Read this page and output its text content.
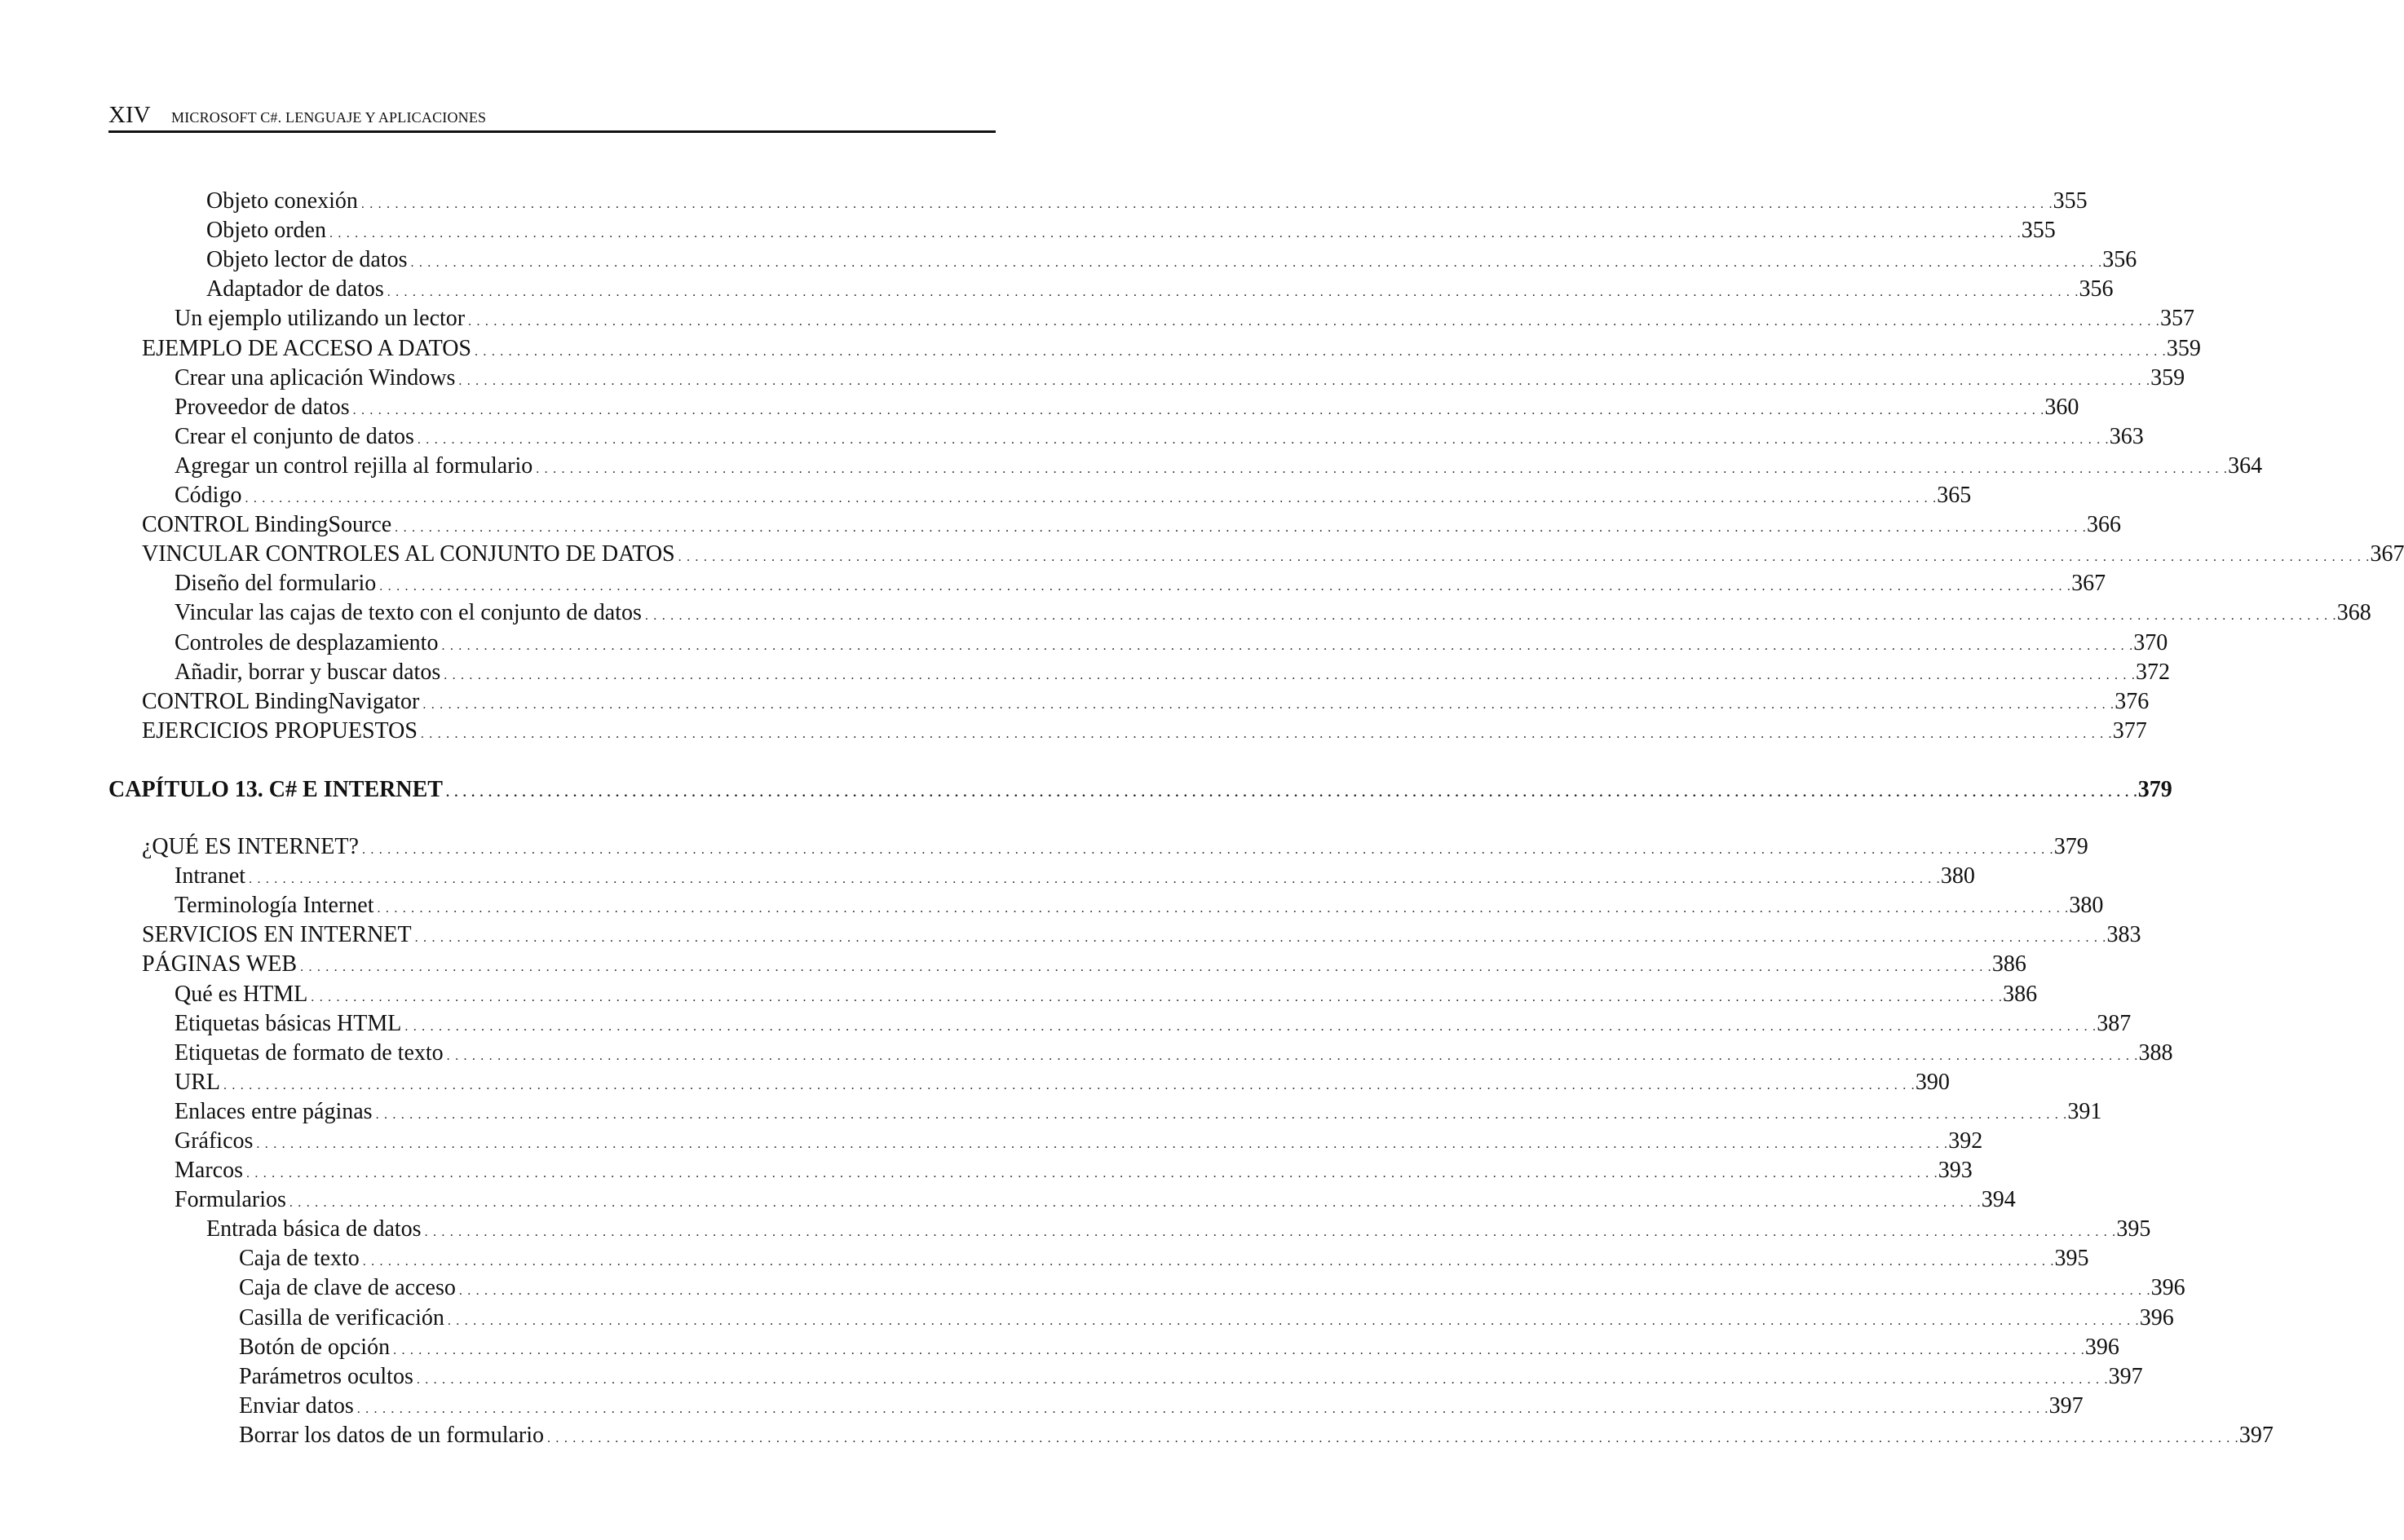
XIV MICROSOFT C#. LENGUAJE Y APLICACIONES
Objeto conexión . . . . . . . . . . . . . . . . . . . . . . . . . . . . . . . . . . . . . . . . . . . . . . . . . . . . . . . . . . . . . . . . . . . . . . . . . . . . . . . . . . . . . . . . . . . . . . . . . . . . . . . . . . . . . . . . . . . . . . . . . . . . . . . . . . . . . . . . . . . . . . . . . . . . . . . . . . . . . . . . . . . . . . . . . . . . . . . . . . . . . . . . . . . . . . . . . . . . . . . . 355
Objeto orden . . . . . . . . . . . . . . . . . . . . . . . . . . . . . . . . . . . . . . . . . . . . . . . . . . . . . . . . . . . . . . . . . . . . . . . . . . . . . . . . . . . . . . . . . . . . . . . . . . . . . . . . . . . . . . . . . . . . . . . . . . . . . . . . . . . . . . . . . . . . . . . . . . . . . . . . . . . . . . . . . . . . . . . . . . . . . . . . . . . . . . . . . . . . . . . . . . . . . . . . 355
Objeto lector de datos . . . . . . . . . . . . . . . . . . . . . . . . . . . . . . . . . . . . . . . . . . . . . . . . . . . . . . . . . . . . . . . . . . . . . . . . . . . . . . . . . . . . . . . . . . . . . . . . . . . . . . . . . . . . . . . . . . . . . . . . . . . . . . . . . . . . . . . . . . . . . . . . . . . . . . . . . . . . . . . . . . . . . . . . . . . . . . . . . . . . . . . . . . . . . . . . . . . . . . . . 356
Adaptador de datos . . . . . . . . . . . . . . . . . . . . . . . . . . . . . . . . . . . . . . . . . . . . . . . . . . . . . . . . . . . . . . . . . . . . . . . . . . . . . . . . . . . . . . . . . . . . . . . . . . . . . . . . . . . . . . . . . . . . . . . . . . . . . . . . . . . . . . . . . . . . . . . . . . . . . . . . . . . . . . . . . . . . . . . . . . . . . . . . . . . . . . . . . . . . . . . . . . . . . . . . 356
Un ejemplo utilizando un lector . . . . . . . . . . . . . . . . . . . . . . . . . . . . . . . . . . . . . . . . . . . . . . . . . . . . . . . . . . . . . . . . . . . . . . . . . . . . . . . . . . . . . . . . . . . . . . . . . . . . . . . . . . . . . . . . . . . . . . . . . . . . . . . . . . . . . . . . . . . . . . . . . . . . . . . . . . . . . . . . . . . . . . . . . . . . . . . . . . . . . . . . . . . . . . . . . . . . . . . . 357
EJEMPLO DE ACCESO A DATOS . . . . . . . . . . . . . . . . . . . . . . . . . . . . . . . . . . . . . . . . . . . . . . . . . . . . . . . . . . . . . . . . . . . . . . . . . . . . . . . . . . . . . . . . . . . . . . . . . . . . . . . . . . . . . . . . . . . . . . . . . . . . . . . . . . . . . . . . . . . . . . . . . . . . . . . . . . . . . . . . . . . . . . . . . . . . . . . . . . . . . . . . . . . . . . . . . . . . . . . . 359
Crear una aplicación Windows . . . . . . . . . . . . . . . . . . . . . . . . . . . . . . . . . . . . . . . . . . . . . . . . . . . . . . . . . . . . . . . . . . . . . . . . . . . . . . . . . . . . . . . . . . . . . . . . . . . . . . . . . . . . . . . . . . . . . . . . . . . . . . . . . . . . . . . . . . . . . . . . . . . . . . . . . . . . . . . . . . . . . . . . . . . . . . . . . . . . . . . . . . . . . . . . . . . . . . . . 359
Proveedor de datos . . . . . . . . . . . . . . . . . . . . . . . . . . . . . . . . . . . . . . . . . . . . . . . . . . . . . . . . . . . . . . . . . . . . . . . . . . . . . . . . . . . . . . . . . . . . . . . . . . . . . . . . . . . . . . . . . . . . . . . . . . . . . . . . . . . . . . . . . . . . . . . . . . . . . . . . . . . . . . . . . . . . . . . . . . . . . . . . . . . . . . . . . . . . . . . . . . . . . . . . 360
Crear el conjunto de datos . . . . . . . . . . . . . . . . . . . . . . . . . . . . . . . . . . . . . . . . . . . . . . . . . . . . . . . . . . . . . . . . . . . . . . . . . . . . . . . . . . . . . . . . . . . . . . . . . . . . . . . . . . . . . . . . . . . . . . . . . . . . . . . . . . . . . . . . . . . . . . . . . . . . . . . . . . . . . . . . . . . . . . . . . . . . . . . . . . . . . . . . . . . . . . . . . . . . . . . . 363
Agregar un control rejilla al formulario . . . . . . . . . . . . . . . . . . . . . . . . . . . . . . . . . . . . . . . . . . . . . . . . . . . . . . . . . . . . . . . . . . . . . . . . . . . . . . . . . . . . . . . . . . . . . . . . . . . . . . . . . . . . . . . . . . . . . . . . . . . . . . . . . . . . . . . . . . . . . . . . . . . . . . . . . . . . . . . . . . . . . . . . . . . . . . . . . . . . . . . . . . . . . . . . . . . . . . . . 364
Código . . . . . . . . . . . . . . . . . . . . . . . . . . . . . . . . . . . . . . . . . . . . . . . . . . . . . . . . . . . . . . . . . . . . . . . . . . . . . . . . . . . . . . . . . . . . . . . . . . . . . . . . . . . . . . . . . . . . . . . . . . . . . . . . . . . . . . . . . . . . . . . . . . . . . . . . . . . . . . . . . . . . . . . . . . . . . . . . . . . . . . . . . . . . . . . . . . . . . . . . 365
CONTROL BindingSource . . . . . . . . . . . . . . . . . . . . . . . . . . . . . . . . . . . . . . . . . . . . . . . . . . . . . . . . . . . . . . . . . . . . . . . . . . . . . . . . . . . . . . . . . . . . . . . . . . . . . . . . . . . . . . . . . . . . . . . . . . . . . . . . . . . . . . . . . . . . . . . . . . . . . . . . . . . . . . . . . . . . . . . . . . . . . . . . . . . . . . . . . . . . . . . . . . . . . . . . 366
VINCULAR CONTROLES AL CONJUNTO DE DATOS . . . . . . . . . . . . . . . . . . . . . . . . . . . . . . . . . . . . . . . . . . . . . . . . . . . . . . . . . . . . . . . . . . . . . . . . . . . . . . . . . . . . . . . . . . . . . . . . . . . . . . . . . . . . . . . . . . . . . . . . . . . . . . . . . . . . . . . . . . . . . . . . . . . . . . . . . . . . . . . . . . . . . . . . . . . . . . . . . . . . . . . . . . . . . . . . . . . . . . . . 367
Diseño del formulario . . . . . . . . . . . . . . . . . . . . . . . . . . . . . . . . . . . . . . . . . . . . . . . . . . . . . . . . . . . . . . . . . . . . . . . . . . . . . . . . . . . . . . . . . . . . . . . . . . . . . . . . . . . . . . . . . . . . . . . . . . . . . . . . . . . . . . . . . . . . . . . . . . . . . . . . . . . . . . . . . . . . . . . . . . . . . . . . . . . . . . . . . . . . . . . . . . . . . . . . 367
Vincular las cajas de texto con el conjunto de datos . . . . . . . . . . . . . . . . . . . . . . . . . . . . . . . . . . . . . . . . . . . . . . . . . . . . . . . . . . . . . . . . . . . . . . . . . . . . . . . . . . . . . . . . . . . . . . . . . . . . . . . . . . . . . . . . . . . . . . . . . . . . . . . . . . . . . . . . . . . . . . . . . . . . . . . . . . . . . . . . . . . . . . . . . . . . . . . . . . . . . . . . . . . . . . . . . . . . . . . . 368
Controles de desplazamiento . . . . . . . . . . . . . . . . . . . . . . . . . . . . . . . . . . . . . . . . . . . . . . . . . . . . . . . . . . . . . . . . . . . . . . . . . . . . . . . . . . . . . . . . . . . . . . . . . . . . . . . . . . . . . . . . . . . . . . . . . . . . . . . . . . . . . . . . . . . . . . . . . . . . . . . . . . . . . . . . . . . . . . . . . . . . . . . . . . . . . . . . . . . . . . . . . . . . . . . . 370
Añadir, borrar y buscar datos . . . . . . . . . . . . . . . . . . . . . . . . . . . . . . . . . . . . . . . . . . . . . . . . . . . . . . . . . . . . . . . . . . . . . . . . . . . . . . . . . . . . . . . . . . . . . . . . . . . . . . . . . . . . . . . . . . . . . . . . . . . . . . . . . . . . . . . . . . . . . . . . . . . . . . . . . . . . . . . . . . . . . . . . . . . . . . . . . . . . . . . . . . . . . . . . . . . . . . . . 372
CONTROL BindingNavigator . . . . . . . . . . . . . . . . . . . . . . . . . . . . . . . . . . . . . . . . . . . . . . . . . . . . . . . . . . . . . . . . . . . . . . . . . . . . . . . . . . . . . . . . . . . . . . . . . . . . . . . . . . . . . . . . . . . . . . . . . . . . . . . . . . . . . . . . . . . . . . . . . . . . . . . . . . . . . . . . . . . . . . . . . . . . . . . . . . . . . . . . . . . . . . . . . . . . . . . . 376
EJERCICIOS PROPUESTOS . . . . . . . . . . . . . . . . . . . . . . . . . . . . . . . . . . . . . . . . . . . . . . . . . . . . . . . . . . . . . . . . . . . . . . . . . . . . . . . . . . . . . . . . . . . . . . . . . . . . . . . . . . . . . . . . . . . . . . . . . . . . . . . . . . . . . . . . . . . . . . . . . . . . . . . . . . . . . . . . . . . . . . . . . . . . . . . . . . . . . . . . . . . . . . . . . . . . . . . . 377
CAPÍTULO 13. C# E INTERNET . . . . . . . . . . . . . . . . . . . . . . . . . . . . . . . . . . . . . . . . . . . . . . . . . . . . . . . . . . . . . . . . . . . . . . . . . . . . . . . . . . . . . . . . . . . . . . . . . . . . . . . . . . . . . . . . . . . . . . . . . . . . . . . . . . . . . . . . . . . . . . . . . . . . . . . . . . . . . . . . . . . . . . . . . . . . . . . . . . . . . . . . . . . . . . . . . . . . . . . . 379
¿QUÉ ES INTERNET? . . . . . . . . . . . . . . . . . . . . . . . . . . . . . . . . . . . . . . . . . . . . . . . . . . . . . . . . . . . . . . . . . . . . . . . . . . . . . . . . . . . . . . . . . . . . . . . . . . . . . . . . . . . . . . . . . . . . . . . . . . . . . . . . . . . . . . . . . . . . . . . . . . . . . . . . . . . . . . . . . . . . . . . . . . . . . . . . . . . . . . . . . . . . . . . . . . . . . . . . 379
Intranet . . . . . . . . . . . . . . . . . . . . . . . . . . . . . . . . . . . . . . . . . . . . . . . . . . . . . . . . . . . . . . . . . . . . . . . . . . . . . . . . . . . . . . . . . . . . . . . . . . . . . . . . . . . . . . . . . . . . . . . . . . . . . . . . . . . . . . . . . . . . . . . . . . . . . . . . . . . . . . . . . . . . . . . . . . . . . . . . . . . . . . . . . . . . . . . . . . . . . . . . 380
Terminología Internet . . . . . . . . . . . . . . . . . . . . . . . . . . . . . . . . . . . . . . . . . . . . . . . . . . . . . . . . . . . . . . . . . . . . . . . . . . . . . . . . . . . . . . . . . . . . . . . . . . . . . . . . . . . . . . . . . . . . . . . . . . . . . . . . . . . . . . . . . . . . . . . . . . . . . . . . . . . . . . . . . . . . . . . . . . . . . . . . . . . . . . . . . . . . . . . . . . . . . . . . 380
SERVICIOS EN INTERNET . . . . . . . . . . . . . . . . . . . . . . . . . . . . . . . . . . . . . . . . . . . . . . . . . . . . . . . . . . . . . . . . . . . . . . . . . . . . . . . . . . . . . . . . . . . . . . . . . . . . . . . . . . . . . . . . . . . . . . . . . . . . . . . . . . . . . . . . . . . . . . . . . . . . . . . . . . . . . . . . . . . . . . . . . . . . . . . . . . . . . . . . . . . . . . . . . . . . . . . . 383
PÁGINAS WEB . . . . . . . . . . . . . . . . . . . . . . . . . . . . . . . . . . . . . . . . . . . . . . . . . . . . . . . . . . . . . . . . . . . . . . . . . . . . . . . . . . . . . . . . . . . . . . . . . . . . . . . . . . . . . . . . . . . . . . . . . . . . . . . . . . . . . . . . . . . . . . . . . . . . . . . . . . . . . . . . . . . . . . . . . . . . . . . . . . . . . . . . . . . . . . . . . . . . . . . . 386
Qué es HTML . . . . . . . . . . . . . . . . . . . . . . . . . . . . . . . . . . . . . . . . . . . . . . . . . . . . . . . . . . . . . . . . . . . . . . . . . . . . . . . . . . . . . . . . . . . . . . . . . . . . . . . . . . . . . . . . . . . . . . . . . . . . . . . . . . . . . . . . . . . . . . . . . . . . . . . . . . . . . . . . . . . . . . . . . . . . . . . . . . . . . . . . . . . . . . . . . . . . . . . . 386
Etiquetas básicas HTML . . . . . . . . . . . . . . . . . . . . . . . . . . . . . . . . . . . . . . . . . . . . . . . . . . . . . . . . . . . . . . . . . . . . . . . . . . . . . . . . . . . . . . . . . . . . . . . . . . . . . . . . . . . . . . . . . . . . . . . . . . . . . . . . . . . . . . . . . . . . . . . . . . . . . . . . . . . . . . . . . . . . . . . . . . . . . . . . . . . . . . . . . . . . . . . . . . . . . . . . 387
Etiquetas de formato de texto . . . . . . . . . . . . . . . . . . . . . . . . . . . . . . . . . . . . . . . . . . . . . . . . . . . . . . . . . . . . . . . . . . . . . . . . . . . . . . . . . . . . . . . . . . . . . . . . . . . . . . . . . . . . . . . . . . . . . . . . . . . . . . . . . . . . . . . . . . . . . . . . . . . . . . . . . . . . . . . . . . . . . . . . . . . . . . . . . . . . . . . . . . . . . . . . . . . . . . . . 388
URL . . . . . . . . . . . . . . . . . . . . . . . . . . . . . . . . . . . . . . . . . . . . . . . . . . . . . . . . . . . . . . . . . . . . . . . . . . . . . . . . . . . . . . . . . . . . . . . . . . . . . . . . . . . . . . . . . . . . . . . . . . . . . . . . . . . . . . . . . . . . . . . . . . . . . . . . . . . . . . . . . . . . . . . . . . . . . . . . . . . . . . . . . . . . . . . . . . . . . . . . 390
Enlaces entre páginas . . . . . . . . . . . . . . . . . . . . . . . . . . . . . . . . . . . . . . . . . . . . . . . . . . . . . . . . . . . . . . . . . . . . . . . . . . . . . . . . . . . . . . . . . . . . . . . . . . . . . . . . . . . . . . . . . . . . . . . . . . . . . . . . . . . . . . . . . . . . . . . . . . . . . . . . . . . . . . . . . . . . . . . . . . . . . . . . . . . . . . . . . . . . . . . . . . . . . . . . 391
Gráficos . . . . . . . . . . . . . . . . . . . . . . . . . . . . . . . . . . . . . . . . . . . . . . . . . . . . . . . . . . . . . . . . . . . . . . . . . . . . . . . . . . . . . . . . . . . . . . . . . . . . . . . . . . . . . . . . . . . . . . . . . . . . . . . . . . . . . . . . . . . . . . . . . . . . . . . . . . . . . . . . . . . . . . . . . . . . . . . . . . . . . . . . . . . . . . . . . . . . . . . . 392
Marcos . . . . . . . . . . . . . . . . . . . . . . . . . . . . . . . . . . . . . . . . . . . . . . . . . . . . . . . . . . . . . . . . . . . . . . . . . . . . . . . . . . . . . . . . . . . . . . . . . . . . . . . . . . . . . . . . . . . . . . . . . . . . . . . . . . . . . . . . . . . . . . . . . . . . . . . . . . . . . . . . . . . . . . . . . . . . . . . . . . . . . . . . . . . . . . . . . . . . . . . . 393
Formularios . . . . . . . . . . . . . . . . . . . . . . . . . . . . . . . . . . . . . . . . . . . . . . . . . . . . . . . . . . . . . . . . . . . . . . . . . . . . . . . . . . . . . . . . . . . . . . . . . . . . . . . . . . . . . . . . . . . . . . . . . . . . . . . . . . . . . . . . . . . . . . . . . . . . . . . . . . . . . . . . . . . . . . . . . . . . . . . . . . . . . . . . . . . . . . . . . . . . . . . . 394
Entrada básica de datos . . . . . . . . . . . . . . . . . . . . . . . . . . . . . . . . . . . . . . . . . . . . . . . . . . . . . . . . . . . . . . . . . . . . . . . . . . . . . . . . . . . . . . . . . . . . . . . . . . . . . . . . . . . . . . . . . . . . . . . . . . . . . . . . . . . . . . . . . . . . . . . . . . . . . . . . . . . . . . . . . . . . . . . . . . . . . . . . . . . . . . . . . . . . . . . . . . . . . . . . 395
Caja de texto . . . . . . . . . . . . . . . . . . . . . . . . . . . . . . . . . . . . . . . . . . . . . . . . . . . . . . . . . . . . . . . . . . . . . . . . . . . . . . . . . . . . . . . . . . . . . . . . . . . . . . . . . . . . . . . . . . . . . . . . . . . . . . . . . . . . . . . . . . . . . . . . . . . . . . . . . . . . . . . . . . . . . . . . . . . . . . . . . . . . . . . . . . . . . . . . . . . . . . . . 395
Caja de clave de acceso . . . . . . . . . . . . . . . . . . . . . . . . . . . . . . . . . . . . . . . . . . . . . . . . . . . . . . . . . . . . . . . . . . . . . . . . . . . . . . . . . . . . . . . . . . . . . . . . . . . . . . . . . . . . . . . . . . . . . . . . . . . . . . . . . . . . . . . . . . . . . . . . . . . . . . . . . . . . . . . . . . . . . . . . . . . . . . . . . . . . . . . . . . . . . . . . . . . . . . . . 396
Casilla de verificación . . . . . . . . . . . . . . . . . . . . . . . . . . . . . . . . . . . . . . . . . . . . . . . . . . . . . . . . . . . . . . . . . . . . . . . . . . . . . . . . . . . . . . . . . . . . . . . . . . . . . . . . . . . . . . . . . . . . . . . . . . . . . . . . . . . . . . . . . . . . . . . . . . . . . . . . . . . . . . . . . . . . . . . . . . . . . . . . . . . . . . . . . . . . . . . . . . . . . . . . 396
Botón de opción . . . . . . . . . . . . . . . . . . . . . . . . . . . . . . . . . . . . . . . . . . . . . . . . . . . . . . . . . . . . . . . . . . . . . . . . . . . . . . . . . . . . . . . . . . . . . . . . . . . . . . . . . . . . . . . . . . . . . . . . . . . . . . . . . . . . . . . . . . . . . . . . . . . . . . . . . . . . . . . . . . . . . . . . . . . . . . . . . . . . . . . . . . . . . . . . . . . . . . . . 396
Parámetros ocultos . . . . . . . . . . . . . . . . . . . . . . . . . . . . . . . . . . . . . . . . . . . . . . . . . . . . . . . . . . . . . . . . . . . . . . . . . . . . . . . . . . . . . . . . . . . . . . . . . . . . . . . . . . . . . . . . . . . . . . . . . . . . . . . . . . . . . . . . . . . . . . . . . . . . . . . . . . . . . . . . . . . . . . . . . . . . . . . . . . . . . . . . . . . . . . . . . . . . . . . . 397
Enviar datos . . . . . . . . . . . . . . . . . . . . . . . . . . . . . . . . . . . . . . . . . . . . . . . . . . . . . . . . . . . . . . . . . . . . . . . . . . . . . . . . . . . . . . . . . . . . . . . . . . . . . . . . . . . . . . . . . . . . . . . . . . . . . . . . . . . . . . . . . . . . . . . . . . . . . . . . . . . . . . . . . . . . . . . . . . . . . . . . . . . . . . . . . . . . . . . . . . . . . . . . 397
Borrar los datos de un formulario . . . . . . . . . . . . . . . . . . . . . . . . . . . . . . . . . . . . . . . . . . . . . . . . . . . . . . . . . . . . . . . . . . . . . . . . . . . . . . . . . . . . . . . . . . . . . . . . . . . . . . . . . . . . . . . . . . . . . . . . . . . . . . . . . . . . . . . . . . . . . . . . . . . . . . . . . . . . . . . . . . . . . . . . . . . . . . . . . . . . . . . . . . . . . . . . . . . . . . . . 397
